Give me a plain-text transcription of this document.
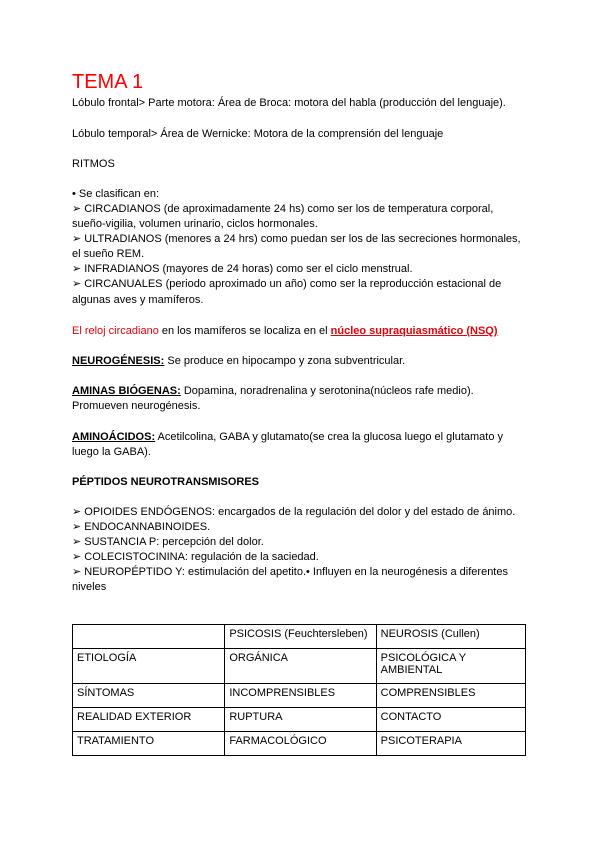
TEMA 1
Lóbulo frontal> Parte motora: Área de Broca: motora del habla (producción del lenguaje).
Lóbulo temporal> Área de Wernicke: Motora de la comprensión del lenguaje
RITMOS
• Se clasifican en:
➢ CIRCADIANOS (de aproximadamente 24 hs) como ser los de temperatura corporal,
sueño-vigilia, volumen urinario, ciclos hormonales.
➢ ULTRADIANOS (menores a 24 hrs) como puedan ser los de las secreciones hormonales,
el sueño REM.
➢ INFRADIANOS (mayores de 24 horas) como ser el ciclo menstrual.
➢ CIRCANUALES (periodo aproximado un año) como ser la reproducción estacional de
algunas aves y mamíferos.
El reloj circadiano en los mamíferos se localiza en el núcleo supraquiasmático (NSQ)
NEUROGÉNESIS: Se produce en hipocampo y zona subventricular.
AMINAS BIÓGENAS: Dopamina, noradrenalina y serotonina(núcleos rafe medio).
Promueven neurogénesis.
AMINOÁCIDOS: Acetilcolina, GABA y glutamato(se crea la glucosa luego el glutamato y
luego la GABA).
PÉPTIDOS NEUROTRANSMISORES
➢ OPIOIDES ENDÓGENOS: encargados de la regulación del dolor y del estado de ánimo.
➢ ENDOCANNABINOIDES.
➢ SUSTANCIA P: percepción del dolor.
➢ COLECISTOCININA: regulación de la saciedad.
➢ NEUROPÉPTIDO Y: estimulación del apetito.• Influyen en la neurogénesis a diferentes
niveles
	PSICOSIS (Feuchtersleben)	NEUROSIS (Cullen)
ETIOLOGÍA	ORGÁNICA	PSICOLÓGICA Y AMBIENTAL
SÍNTOMAS	INCOMPRENSIBLES	COMPRENSIBLES
REALIDAD EXTERIOR	RUPTURA	CONTACTO
TRATAMIENTO	FARMACOLÓGICO	PSICOTERAPIA
